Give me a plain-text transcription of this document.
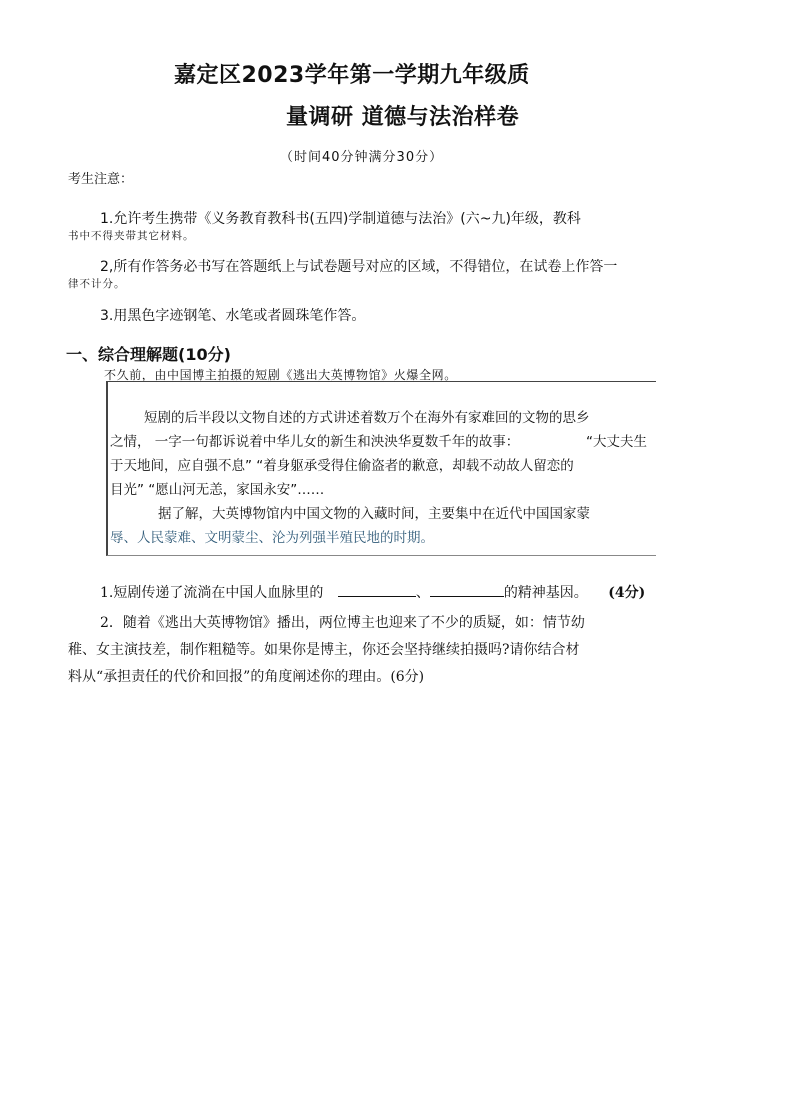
嘉定区2023学年第一学期九年级质
量调研 道德与法治样卷
（时间40分钟满分30分）
考生注意：
1.允许考生携带《义务教育教科书(五四)学制道德与法治》(六~九)年级，教科
书中不得夹带其它材料。
2,所有作答务必书写在答题纸上与试卷题号对应的区域，不得错位，在试卷上作答一
律不计分。
3.用黑色字迹钢笔、水笔或者圆珠笔作答。
一、综合理解题(10分)
不久前，由中国博主拍摄的短剧《逃出大英博物馆》火爆全网。
短剧的后半段以文物自述的方式讲述着数万个在海外有家难回的文物的思乡
之情， 一字一句都诉说着中华儿女的新生和泱泱华夏数千年的故事：	“大丈夫生
于天地间，应自强不息” “着身躯承受得住偷盗者的歉意，却载不动故人留恋的
目光” “愿山河无恙，家国永安”……
据了解，大英博物馆内中国文物的入藏时间，主要集中在近代中国国家蒙
辱、人民蒙难、文明蒙尘、沦为列强半殖民地的时期。
1.短剧传递了流淌在中国人血脉里的	、	的精神基因。 (4分)
2．随着《逃出大英博物馆》播出，两位博主也迎来了不少的质疑，如：情节幼
稚、女主演技差，制作粗糙等。如果你是博主，你还会坚持继续拍摄吗?请你结合材
料从“承担责任的代价和回报”的角度阐述你的理由。(6分)
